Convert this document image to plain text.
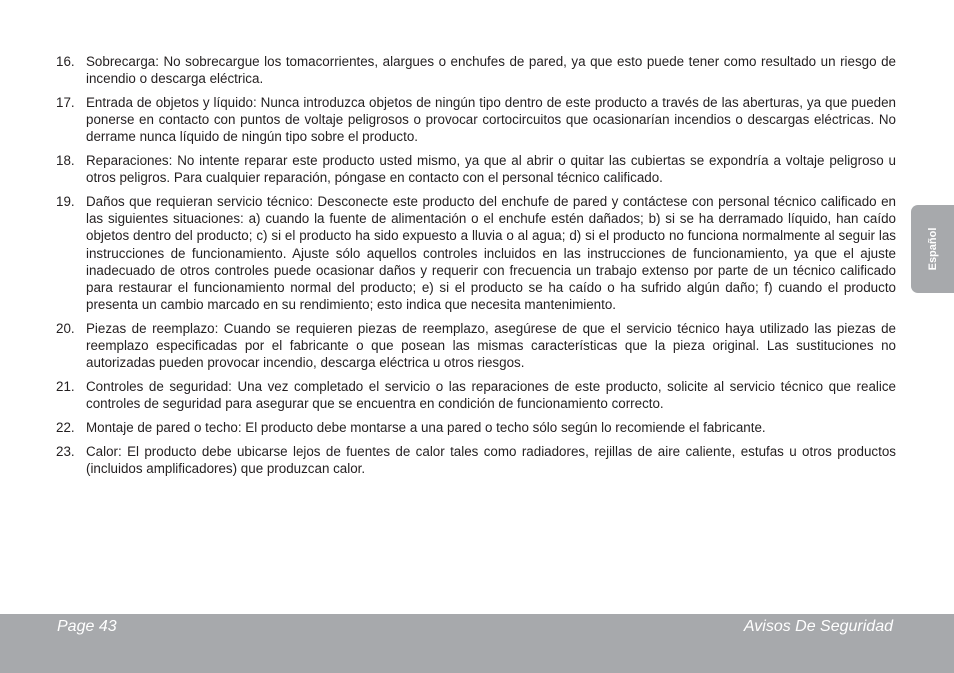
16. Sobrecarga: No sobrecargue los tomacorrientes, alargues o enchufes de pared, ya que esto puede tener como resultado un riesgo de incendio o descarga eléctrica.
17. Entrada de objetos y líquido: Nunca introduzca objetos de ningún tipo dentro de este producto a través de las aberturas, ya que pueden ponerse en contacto con puntos de voltaje peligrosos o provocar cortocircuitos que ocasionarían incendios o descargas eléctricas. No derrame nunca líquido de ningún tipo sobre el producto.
18. Reparaciones: No intente reparar este producto usted mismo, ya que al abrir o quitar las cubiertas se expondría a voltaje peligroso u otros peligros. Para cualquier reparación, póngase en contacto con el personal técnico calificado.
19. Daños que requieran servicio técnico: Desconecte este producto del enchufe de pared y contáctese con personal técnico calificado en las siguientes situaciones: a) cuando la fuente de alimentación o el enchufe estén dañados; b) si se ha derramado líquido, han caído objetos dentro del producto; c) si el producto ha sido expuesto a lluvia o al agua; d) si el producto no funciona normalmente al seguir las instrucciones de funcionamiento. Ajuste sólo aquellos controles incluidos en las instrucciones de funcionamiento, ya que el ajuste inadecuado de otros controles puede ocasionar daños y requerir con frecuencia un trabajo extenso por parte de un técnico calificado para restaurar el funcionamiento normal del producto; e) si el producto se ha caído o ha sufrido algún daño; f) cuando el producto presenta un cambio marcado en su rendimiento; esto indica que necesita mantenimiento.
20. Piezas de reemplazo: Cuando se requieren piezas de reemplazo, asegúrese de que el servicio técnico haya utilizado las piezas de reemplazo especificadas por el fabricante o que posean las mismas características que la pieza original. Las sustituciones no autorizadas pueden provocar incendio, descarga eléctrica u otros riesgos.
21. Controles de seguridad: Una vez completado el servicio o las reparaciones de este producto, solicite al servicio técnico que realice controles de seguridad para asegurar que se encuentra en condición de funcionamiento correcto.
22. Montaje de pared o techo: El producto debe montarse a una pared o techo sólo según lo recomiende el fabricante.
23. Calor: El producto debe ubicarse lejos de fuentes de calor tales como radiadores, rejillas de aire caliente, estufas u otros productos (incluidos amplificadores) que produzcan calor.
Español
Page 43	Avisos De Seguridad
